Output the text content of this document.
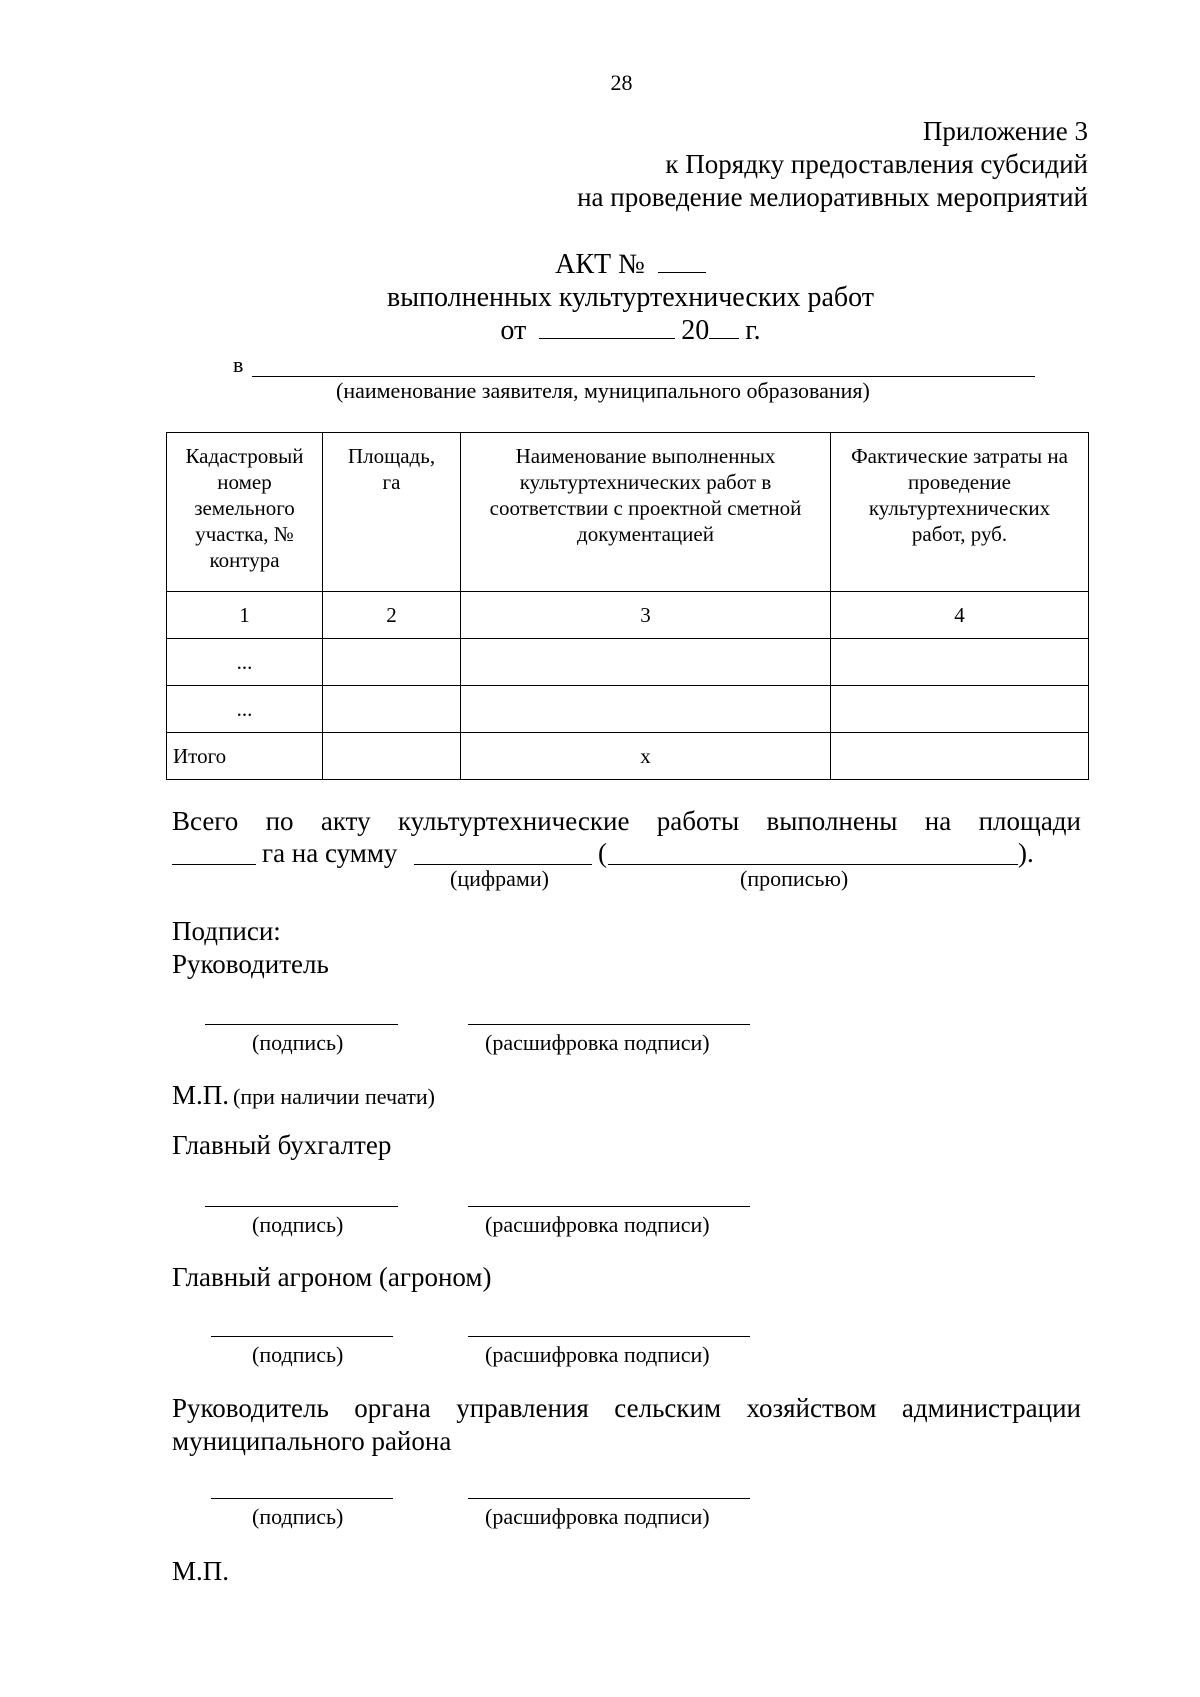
28
Приложение 3
к Порядку предоставления субсидий
на проведение мелиоративных мероприятий
АКТ №
выполненных культуртехнических работ
от	20 г.
в
(наименование заявителя, муниципального образования)
Кадастровый номер земельного участка, № контура	Площадь, га	Наименование выполненных культуртехнических работ в соответствии с проектной сметной документацией	Фактические затраты на проведение культуртехнических работ, руб.

1	2	3	4
...			
...			
Итого		x	
Всего по акту культуртехнические работы выполнены на площади
га на сумму	(	).
(цифрами)	(прописью)
Подписи:
Руководитель
(подпись)	(расшифровка подписи)
М.П. (при наличии печати)
Главный бухгалтер
(подпись)	(расшифровка подписи)
Главный агроном (агроном)
(подпись)	(расшифровка подписи)
Руководитель органа управления сельским хозяйством администрации муниципального района
(подпись)	(расшифровка подписи)
М.П.
